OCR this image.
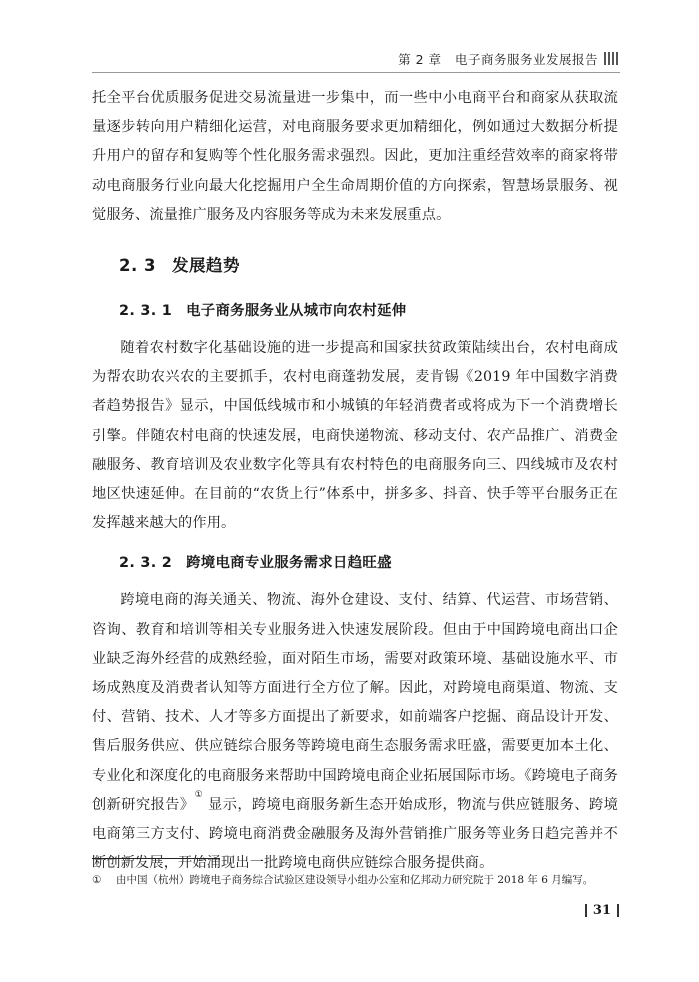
第 2 章 电子商务服务业发展报告

托全平台优质服务促进交易流量进一步集中，而一些中小电商平台和商家从获取流量逐步转向用户精细化运营，对电商服务要求更加精细化，例如通过大数据分析提升用户的留存和复购等个性化服务需求强烈。因此，更加注重经营效率的商家将带动电商服务行业向最大化挖掘用户全生命周期价值的方向探索，智慧场景服务、视觉服务、流量推广服务及内容服务等成为未来发展重点。

2. 3 发展趋势
2. 3. 1 电子商务服务业从城市向农村延伸

随着农村数字化基础设施的进一步提高和国家扶贫政策陆续出台，农村电商成为帮农助农兴农的主要抓手，农村电商蓬勃发展，麦肯锡《2019 年中国数字消费者趋势报告》显示，中国低线城市和小城镇的年轻消费者或将成为下一个消费增长引擎。伴随农村电商的快速发展，电商快递物流、移动支付、农产品推广、消费金融服务、教育培训及农业数字化等具有农村特色的电商服务向三、四线城市及农村地区快速延伸。在目前的“农货上行”体系中，拼多多、抖音、快手等平台服务正在发挥越来越大的作用。

2. 3. 2 跨境电商专业服务需求日趋旺盛

跨境电商的海关通关、物流、海外仓建设、支付、结算、代运营、市场营销、咨询、教育和培训等相关专业服务进入快速发展阶段。但由于中国跨境电商出口企业缺乏海外经营的成熟经验，面对陌生市场，需要对政策环境、基础设施水平、市场成熟度及消费者认知等方面进行全方位了解。因此，对跨境电商渠道、物流、支付、营销、技术、人才等多方面提出了新要求，如前端客户挖掘、商品设计开发、售后服务供应、供应链综合服务等跨境电商生态服务需求旺盛，需要更加本土化、专业化和深度化的电商服务来帮助中国跨境电商企业拓展国际市场。《跨境电子商务创新研究报告》① 显示，跨境电商服务新生态开始成形，物流与供应链服务、跨境电商第三方支付、跨境电商消费金融服务及海外营销推广服务等业务日趋完善并不断创新发展，开始涌现出一批跨境电商供应链综合服务提供商。

① 由中国（杭州）跨境电子商务综合试验区建设领导小组办公室和亿邦动力研究院于 2018 年 6 月编写。
31
